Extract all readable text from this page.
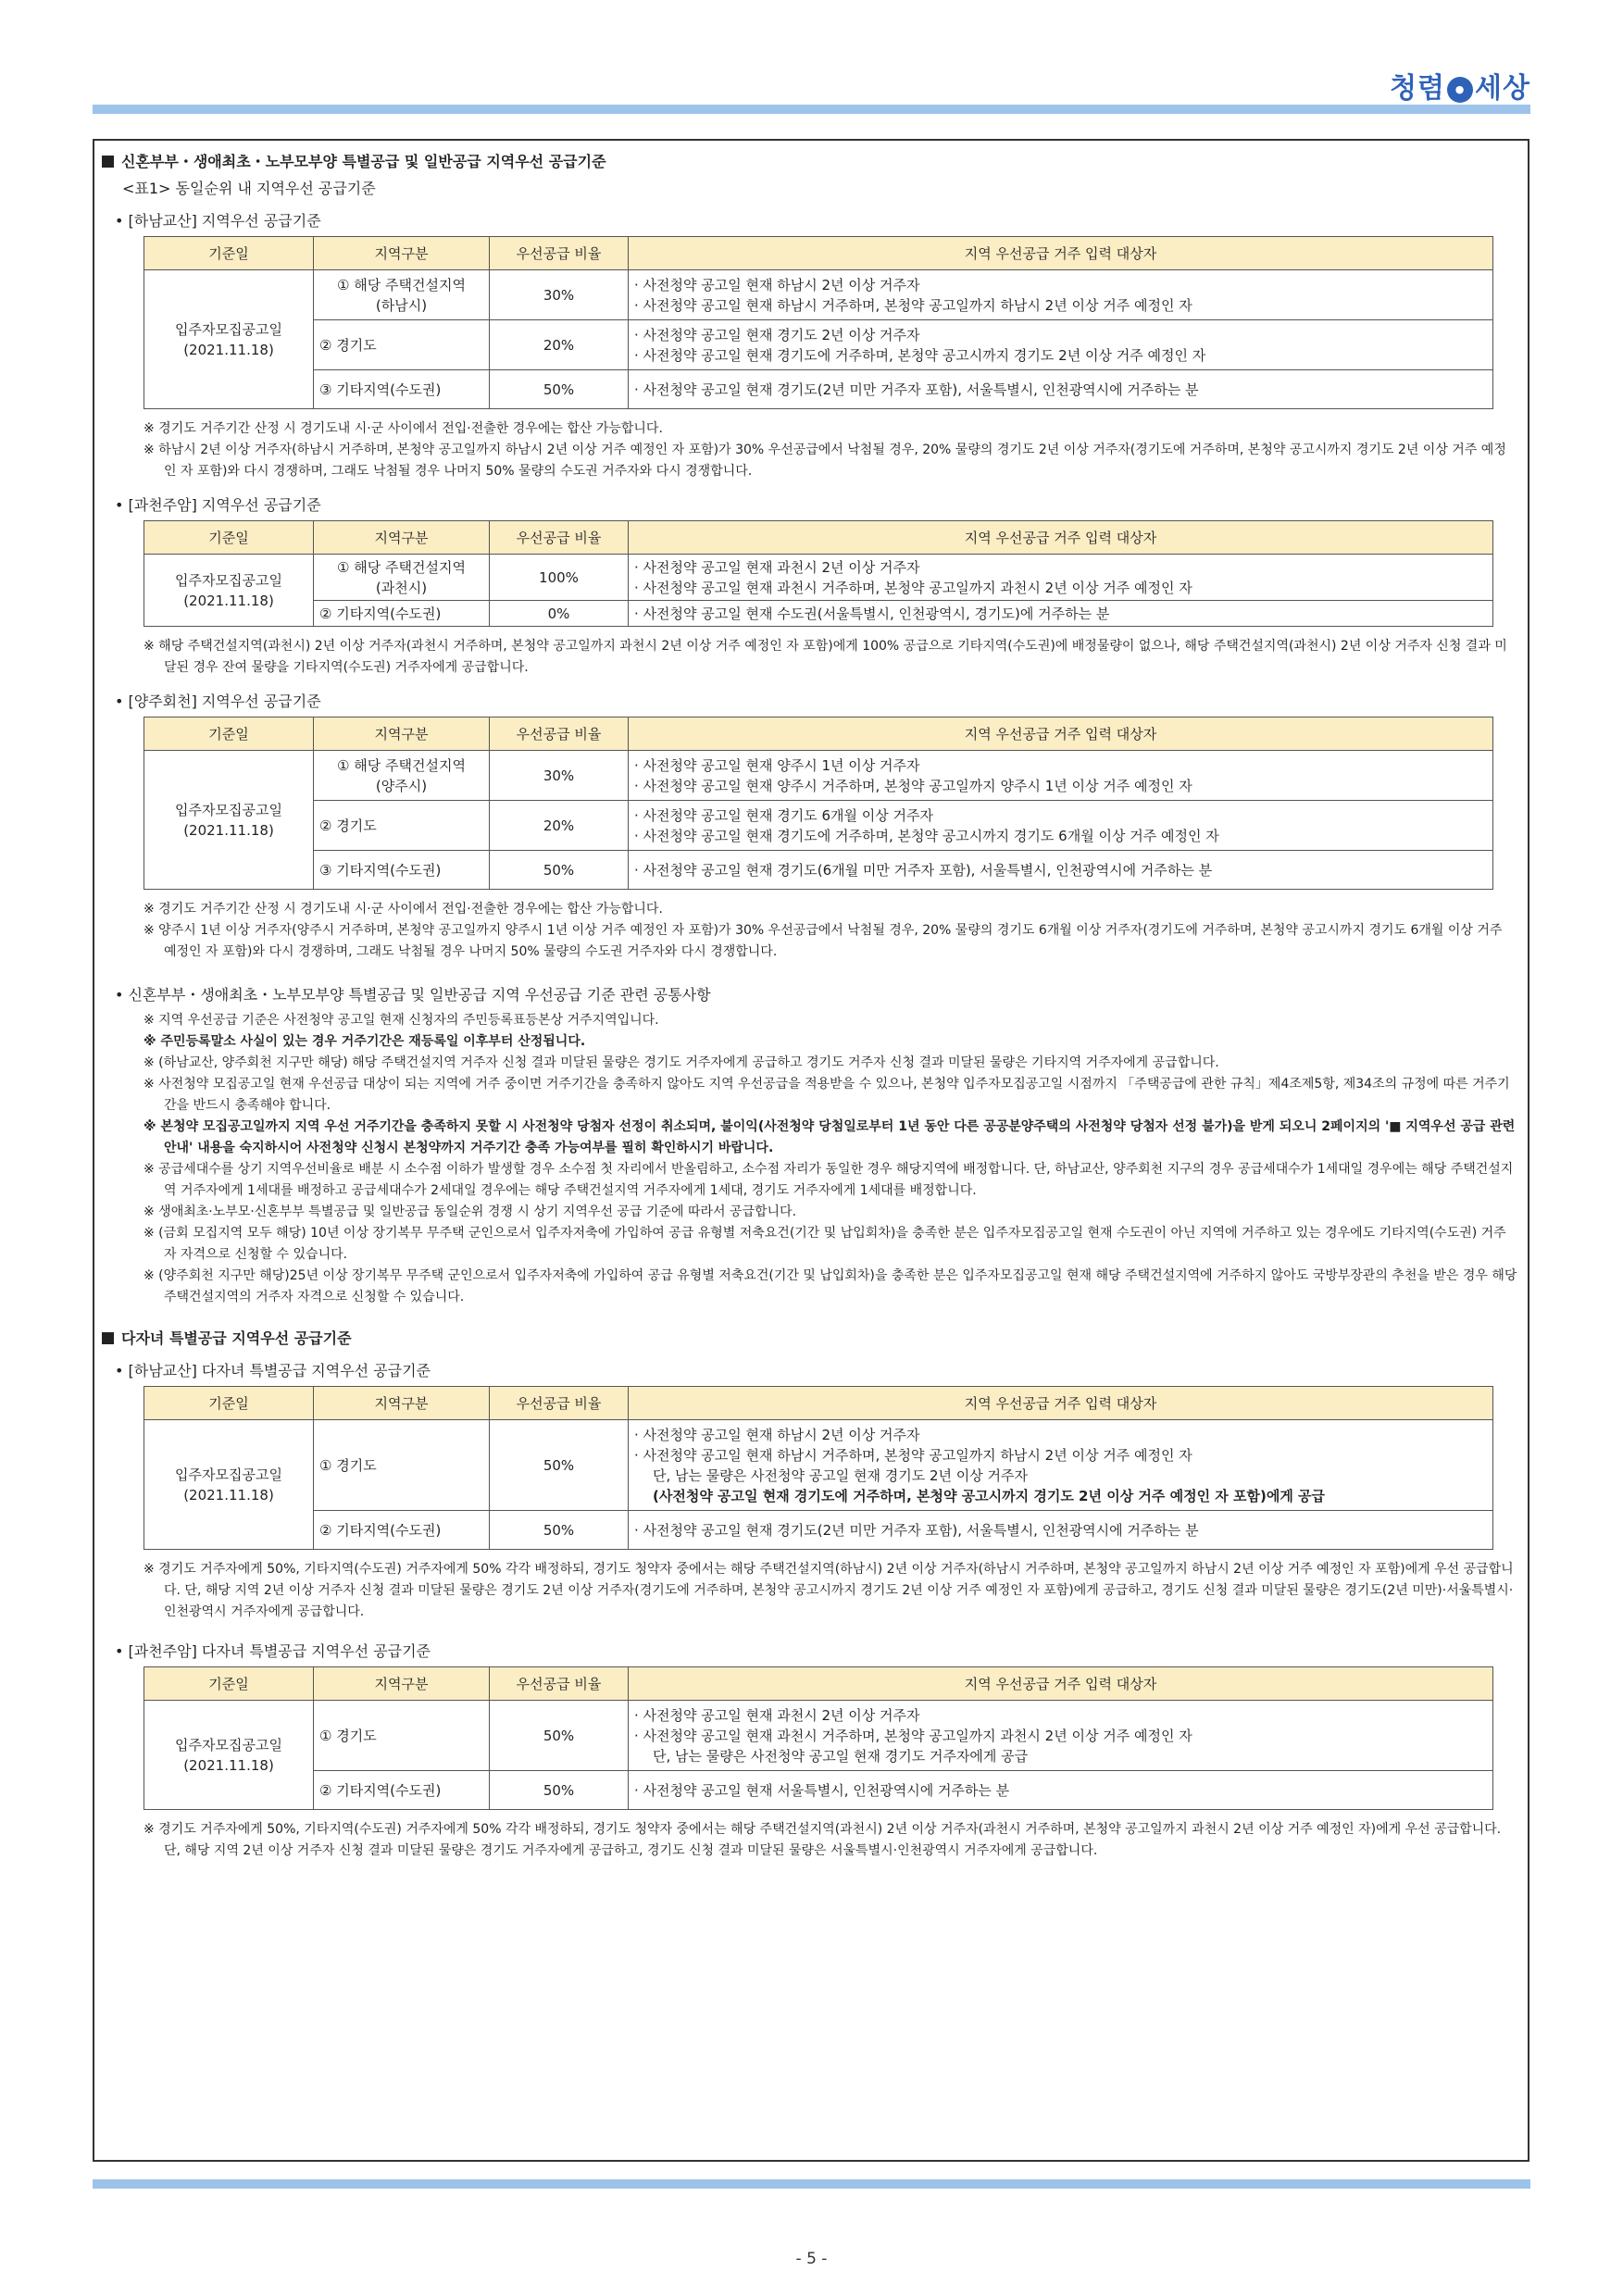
청렴 ● 세상
신혼부부・생애최초・노부모부양 특별공급 및 일반공급 지역우선 공급기준
<표1> 동일순위 내 지역우선 공급기준
• [하남교산] 지역우선 공급기준
기준일	지역구분	우선공급 비율	지역 우선공급 거주 입력 대상자

입주자모집공고일
(2021.11.18)	① 해당 주택건설지역
(하남시)	30%	· 사전청약 공고일 현재 하남시 2년 이상 거주자
· 사전청약 공고일 현재 하남시 거주하며, 본청약 공고일까지 하남시 2년 이상 거주 예정인 자

	② 경기도	20%	· 사전청약 공고일 현재 경기도 2년 이상 거주자
· 사전청약 공고일 현재 경기도에 거주하며, 본청약 공고시까지 경기도 2년 이상 거주 예정인 자

	③ 기타지역(수도권)	50%	· 사전청약 공고일 현재 경기도(2년 미만 거주자 포함), 서울특별시, 인천광역시에 거주하는 분
※ 경기도 거주기간 산정 시 경기도내 시·군 사이에서 전입·전출한 경우에는 합산 가능합니다.
※ 하남시 2년 이상 거주자(하남시 거주하며, 본청약 공고일까지 하남시 2년 이상 거주 예정인 자 포함)가 30% 우선공급에서 낙첨될 경우, 20% 물량의 경기도 2년 이상 거주자(경기도에 거주하며, 본청약 공고시까지 경기도 2년 이상 거주 예정인 자 포함)와 다시 경쟁하며, 그래도 낙첨될 경우 나머지 50% 물량의 수도권 거주자와 다시 경쟁합니다.
• [과천주암] 지역우선 공급기준
기준일	지역구분	우선공급 비율	지역 우선공급 거주 입력 대상자

입주자모집공고일
(2021.11.18)	① 해당 주택건설지역
(과천시)	100%	· 사전청약 공고일 현재 과천시 2년 이상 거주자
· 사전청약 공고일 현재 과천시 거주하며, 본청약 공고일까지 과천시 2년 이상 거주 예정인 자

	② 기타지역(수도권)	0%	· 사전청약 공고일 현재 수도권(서울특별시, 인천광역시, 경기도)에 거주하는 분
※ 해당 주택건설지역(과천시) 2년 이상 거주자(과천시 거주하며, 본청약 공고일까지 과천시 2년 이상 거주 예정인 자 포함)에게 100% 공급으로 기타지역(수도권)에 배정물량이 없으나, 해당 주택건설지역(과천시) 2년 이상 거주자 신청 결과 미달된 경우 잔여 물량을 기타지역(수도권) 거주자에게 공급합니다.
• [양주회천] 지역우선 공급기준
기준일	지역구분	우선공급 비율	지역 우선공급 거주 입력 대상자

입주자모집공고일
(2021.11.18)	① 해당 주택건설지역
(양주시)	30%	· 사전청약 공고일 현재 양주시 1년 이상 거주자
· 사전청약 공고일 현재 양주시 거주하며, 본청약 공고일까지 양주시 1년 이상 거주 예정인 자

	② 경기도	20%	· 사전청약 공고일 현재 경기도 6개월 이상 거주자
· 사전청약 공고일 현재 경기도에 거주하며, 본청약 공고시까지 경기도 6개월 이상 거주 예정인 자

	③ 기타지역(수도권)	50%	· 사전청약 공고일 현재 경기도(6개월 미만 거주자 포함), 서울특별시, 인천광역시에 거주하는 분
※ 경기도 거주기간 산정 시 경기도내 시·군 사이에서 전입·전출한 경우에는 합산 가능합니다.
※ 양주시 1년 이상 거주자(양주시 거주하며, 본청약 공고일까지 양주시 1년 이상 거주 예정인 자 포함)가 30% 우선공급에서 낙첨될 경우, 20% 물량의 경기도 6개월 이상 거주자(경기도에 거주하며, 본청약 공고시까지 경기도 6개월 이상 거주 예정인 자 포함)와 다시 경쟁하며, 그래도 낙첨될 경우 나머지 50% 물량의 수도권 거주자와 다시 경쟁합니다.
• 신혼부부・생애최초・노부모부양 특별공급 및 일반공급 지역 우선공급 기준 관련 공통사항
※ 지역 우선공급 기준은 사전청약 공고일 현재 신청자의 주민등록표등본상 거주지역입니다.
※ 주민등록말소 사실이 있는 경우 거주기간은 재등록일 이후부터 산정됩니다.
※ (하남교산, 양주회천 지구만 해당) 해당 주택건설지역 거주자 신청 결과 미달된 물량은 경기도 거주자에게 공급하고 경기도 거주자 신청 결과 미달된 물량은 기타지역 거주자에게 공급합니다.
※ 사전청약 모집공고일 현재 우선공급 대상이 되는 지역에 거주 중이면 거주기간을 충족하지 않아도 지역 우선공급을 적용받을 수 있으나, 본청약 입주자모집공고일 시점까지 「주택공급에 관한 규칙」제4조제5항, 제34조의 규정에 따른 거주기간을 반드시 충족해야 합니다.
※ 본청약 모집공고일까지 지역 우선 거주기간을 충족하지 못할 시 사전청약 당첨자 선정이 취소되며, 불이익(사전청약 당첨일로부터 1년 동안 다른 공공분양주택의 사전청약 당첨자 선정 불가)을 받게 되오니 2페이지의 '■ 지역우선 공급 관련 안내' 내용을 숙지하시어 사전청약 신청시 본청약까지 거주기간 충족 가능여부를 필히 확인하시기 바랍니다.
※ 공급세대수를 상기 지역우선비율로 배분 시 소수점 이하가 발생할 경우 소수점 첫 자리에서 반올림하고, 소수점 자리가 동일한 경우 해당지역에 배정합니다. 단, 하남교산, 양주회천 지구의 경우 공급세대수가 1세대일 경우에는 해당 주택건설지역 거주자에게 1세대를 배정하고 공급세대수가 2세대일 경우에는 해당 주택건설지역 거주자에게 1세대, 경기도 거주자에게 1세대를 배정합니다.
※ 생애최초·노부모·신혼부부 특별공급 및 일반공급 동일순위 경쟁 시 상기 지역우선 공급 기준에 따라서 공급합니다.
※ (금회 모집지역 모두 해당) 10년 이상 장기복무 무주택 군인으로서 입주자저축에 가입하여 공급 유형별 저축요건(기간 및 납입회차)을 충족한 분은 입주자모집공고일 현재 수도권이 아닌 지역에 거주하고 있는 경우에도 기타지역(수도권) 거주자 자격으로 신청할 수 있습니다.
※ (양주회천 지구만 해당)25년 이상 장기복무 무주택 군인으로서 입주자저축에 가입하여 공급 유형별 저축요건(기간 및 납입회차)을 충족한 분은 입주자모집공고일 현재 해당 주택건설지역에 거주하지 않아도 국방부장관의 추천을 받은 경우 해당 주택건설지역의 거주자 자격으로 신청할 수 있습니다.
다자녀 특별공급 지역우선 공급기준
• [하남교산] 다자녀 특별공급 지역우선 공급기준
기준일	지역구분	우선공급 비율	지역 우선공급 거주 입력 대상자

입주자모집공고일
(2021.11.18)	① 경기도	50%	· 사전청약 공고일 현재 하남시 2년 이상 거주자
· 사전청약 공고일 현재 하남시 거주하며, 본청약 공고일까지 하남시 2년 이상 거주 예정인 자
단, 남는 물량은 사전청약 공고일 현재 경기도 2년 이상 거주자
(사전청약 공고일 현재 경기도에 거주하며, 본청약 공고시까지 경기도 2년 이상 거주 예정인 자 포함)에게 공급

	② 기타지역(수도권)	50%	· 사전청약 공고일 현재 경기도(2년 미만 거주자 포함), 서울특별시, 인천광역시에 거주하는 분
※ 경기도 거주자에게 50%, 기타지역(수도권) 거주자에게 50% 각각 배정하되, 경기도 청약자 중에서는 해당 주택건설지역(하남시) 2년 이상 거주자(하남시 거주하며, 본청약 공고일까지 하남시 2년 이상 거주 예정인 자 포함)에게 우선 공급합니다. 단, 해당 지역 2년 이상 거주자 신청 결과 미달된 물량은 경기도 2년 이상 거주자(경기도에 거주하며, 본청약 공고시까지 경기도 2년 이상 거주 예정인 자 포함)에게 공급하고, 경기도 신청 결과 미달된 물량은 경기도(2년 미만)·서울특별시·인천광역시 거주자에게 공급합니다.
• [과천주암] 다자녀 특별공급 지역우선 공급기준
기준일	지역구분	우선공급 비율	지역 우선공급 거주 입력 대상자

입주자모집공고일
(2021.11.18)	① 경기도	50%	· 사전청약 공고일 현재 과천시 2년 이상 거주자
· 사전청약 공고일 현재 과천시 거주하며, 본청약 공고일까지 과천시 2년 이상 거주 예정인 자
단, 남는 물량은 사전청약 공고일 현재 경기도 거주자에게 공급

	② 기타지역(수도권)	50%	· 사전청약 공고일 현재 서울특별시, 인천광역시에 거주하는 분
※ 경기도 거주자에게 50%, 기타지역(수도권) 거주자에게 50% 각각 배정하되, 경기도 청약자 중에서는 해당 주택건설지역(과천시) 2년 이상 거주자(과천시 거주하며, 본청약 공고일까지 과천시 2년 이상 거주 예정인 자)에게 우선 공급합니다. 단, 해당 지역 2년 이상 거주자 신청 결과 미달된 물량은 경기도 거주자에게 공급하고, 경기도 신청 결과 미달된 물량은 서울특별시·인천광역시 거주자에게 공급합니다.
- 5 -
